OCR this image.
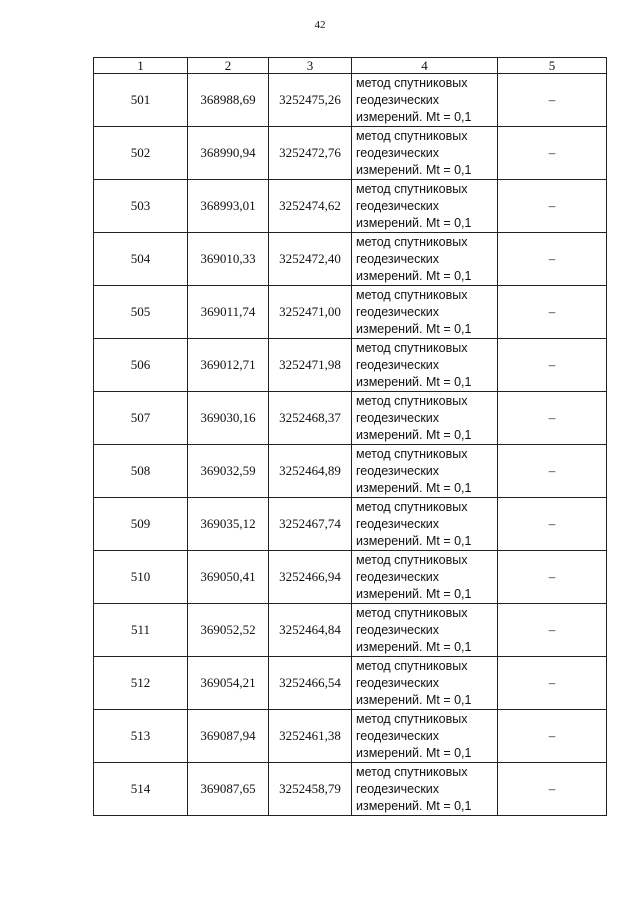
42
1	2	3	4	5
501	368988,69	3252475,26	метод спутниковых
геодезических
измерений. Mt = 0,1	–
502	368990,94	3252472,76	метод спутниковых
геодезических
измерений. Mt = 0,1	–
503	368993,01	3252474,62	метод спутниковых
геодезических
измерений. Mt = 0,1	–
504	369010,33	3252472,40	метод спутниковых
геодезических
измерений. Mt = 0,1	–
505	369011,74	3252471,00	метод спутниковых
геодезических
измерений. Mt = 0,1	–
506	369012,71	3252471,98	метод спутниковых
геодезических
измерений. Mt = 0,1	–
507	369030,16	3252468,37	метод спутниковых
геодезических
измерений. Mt = 0,1	–
508	369032,59	3252464,89	метод спутниковых
геодезических
измерений. Mt = 0,1	–
509	369035,12	3252467,74	метод спутниковых
геодезических
измерений. Mt = 0,1	–
510	369050,41	3252466,94	метод спутниковых
геодезических
измерений. Mt = 0,1	–
511	369052,52	3252464,84	метод спутниковых
геодезических
измерений. Mt = 0,1	–
512	369054,21	3252466,54	метод спутниковых
геодезических
измерений. Mt = 0,1	–
513	369087,94	3252461,38	метод спутниковых
геодезических
измерений. Mt = 0,1	–
514	369087,65	3252458,79	метод спутниковых
геодезических
измерений. Mt = 0,1	–
